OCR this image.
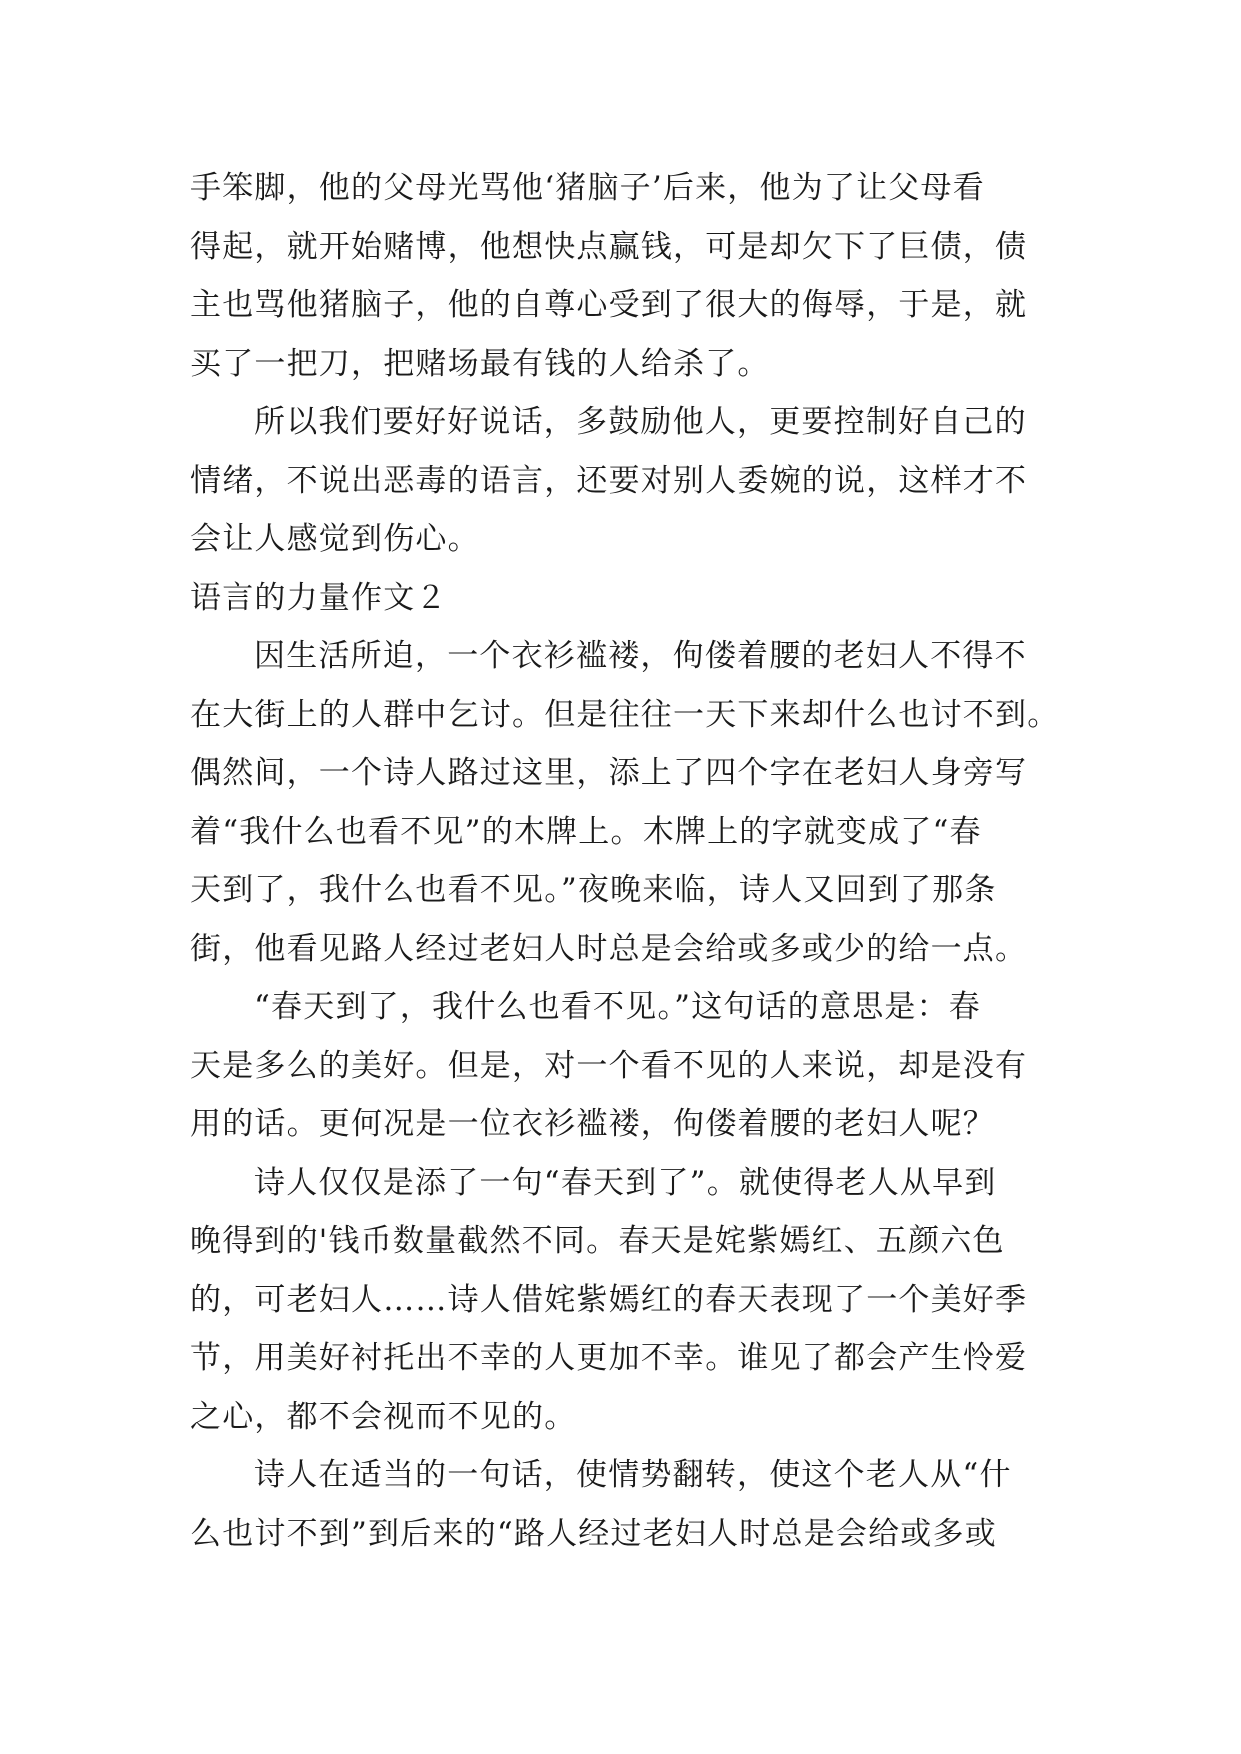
手笨脚，他的父母光骂他‘猪脑子’后来，他为了让父母看
得起，就开始赌博，他想快点赢钱，可是却欠下了巨债，债
主也骂他猪脑子，他的自尊心受到了很大的侮辱，于是，就
买了一把刀，把赌场最有钱的人给杀了。
所以我们要好好说话，多鼓励他人，更要控制好自己的
情绪，不说出恶毒的语言，还要对别人委婉的说，这样才不
会让人感觉到伤心。
语言的力量作文２
因生活所迫，一个衣衫褴褛，佝偻着腰的老妇人不得不
在大街上的人群中乞讨。但是往往一天下来却什么也讨不到。
偶然间，一个诗人路过这里，添上了四个字在老妇人身旁写
着“我什么也看不见”的木牌上。木牌上的字就变成了“春
天到了，我什么也看不见。”夜晚来临，诗人又回到了那条
街，他看见路人经过老妇人时总是会给或多或少的给一点。
“春天到了，我什么也看不见。”这句话的意思是：春
天是多么的美好。但是，对一个看不见的人来说，却是没有
用的话。更何况是一位衣衫褴褛，佝偻着腰的老妇人呢？
诗人仅仅是添了一句“春天到了”。就使得老人从早到
晚得到的'钱币数量截然不同。春天是姹紫嫣红、五颜六色
的，可老妇人……诗人借姹紫嫣红的春天表现了一个美好季
节，用美好衬托出不幸的人更加不幸。谁见了都会产生怜爱
之心，都不会视而不见的。
诗人在适当的一句话，使情势翻转，使这个老人从“什
么也讨不到”到后来的“路人经过老妇人时总是会给或多或
